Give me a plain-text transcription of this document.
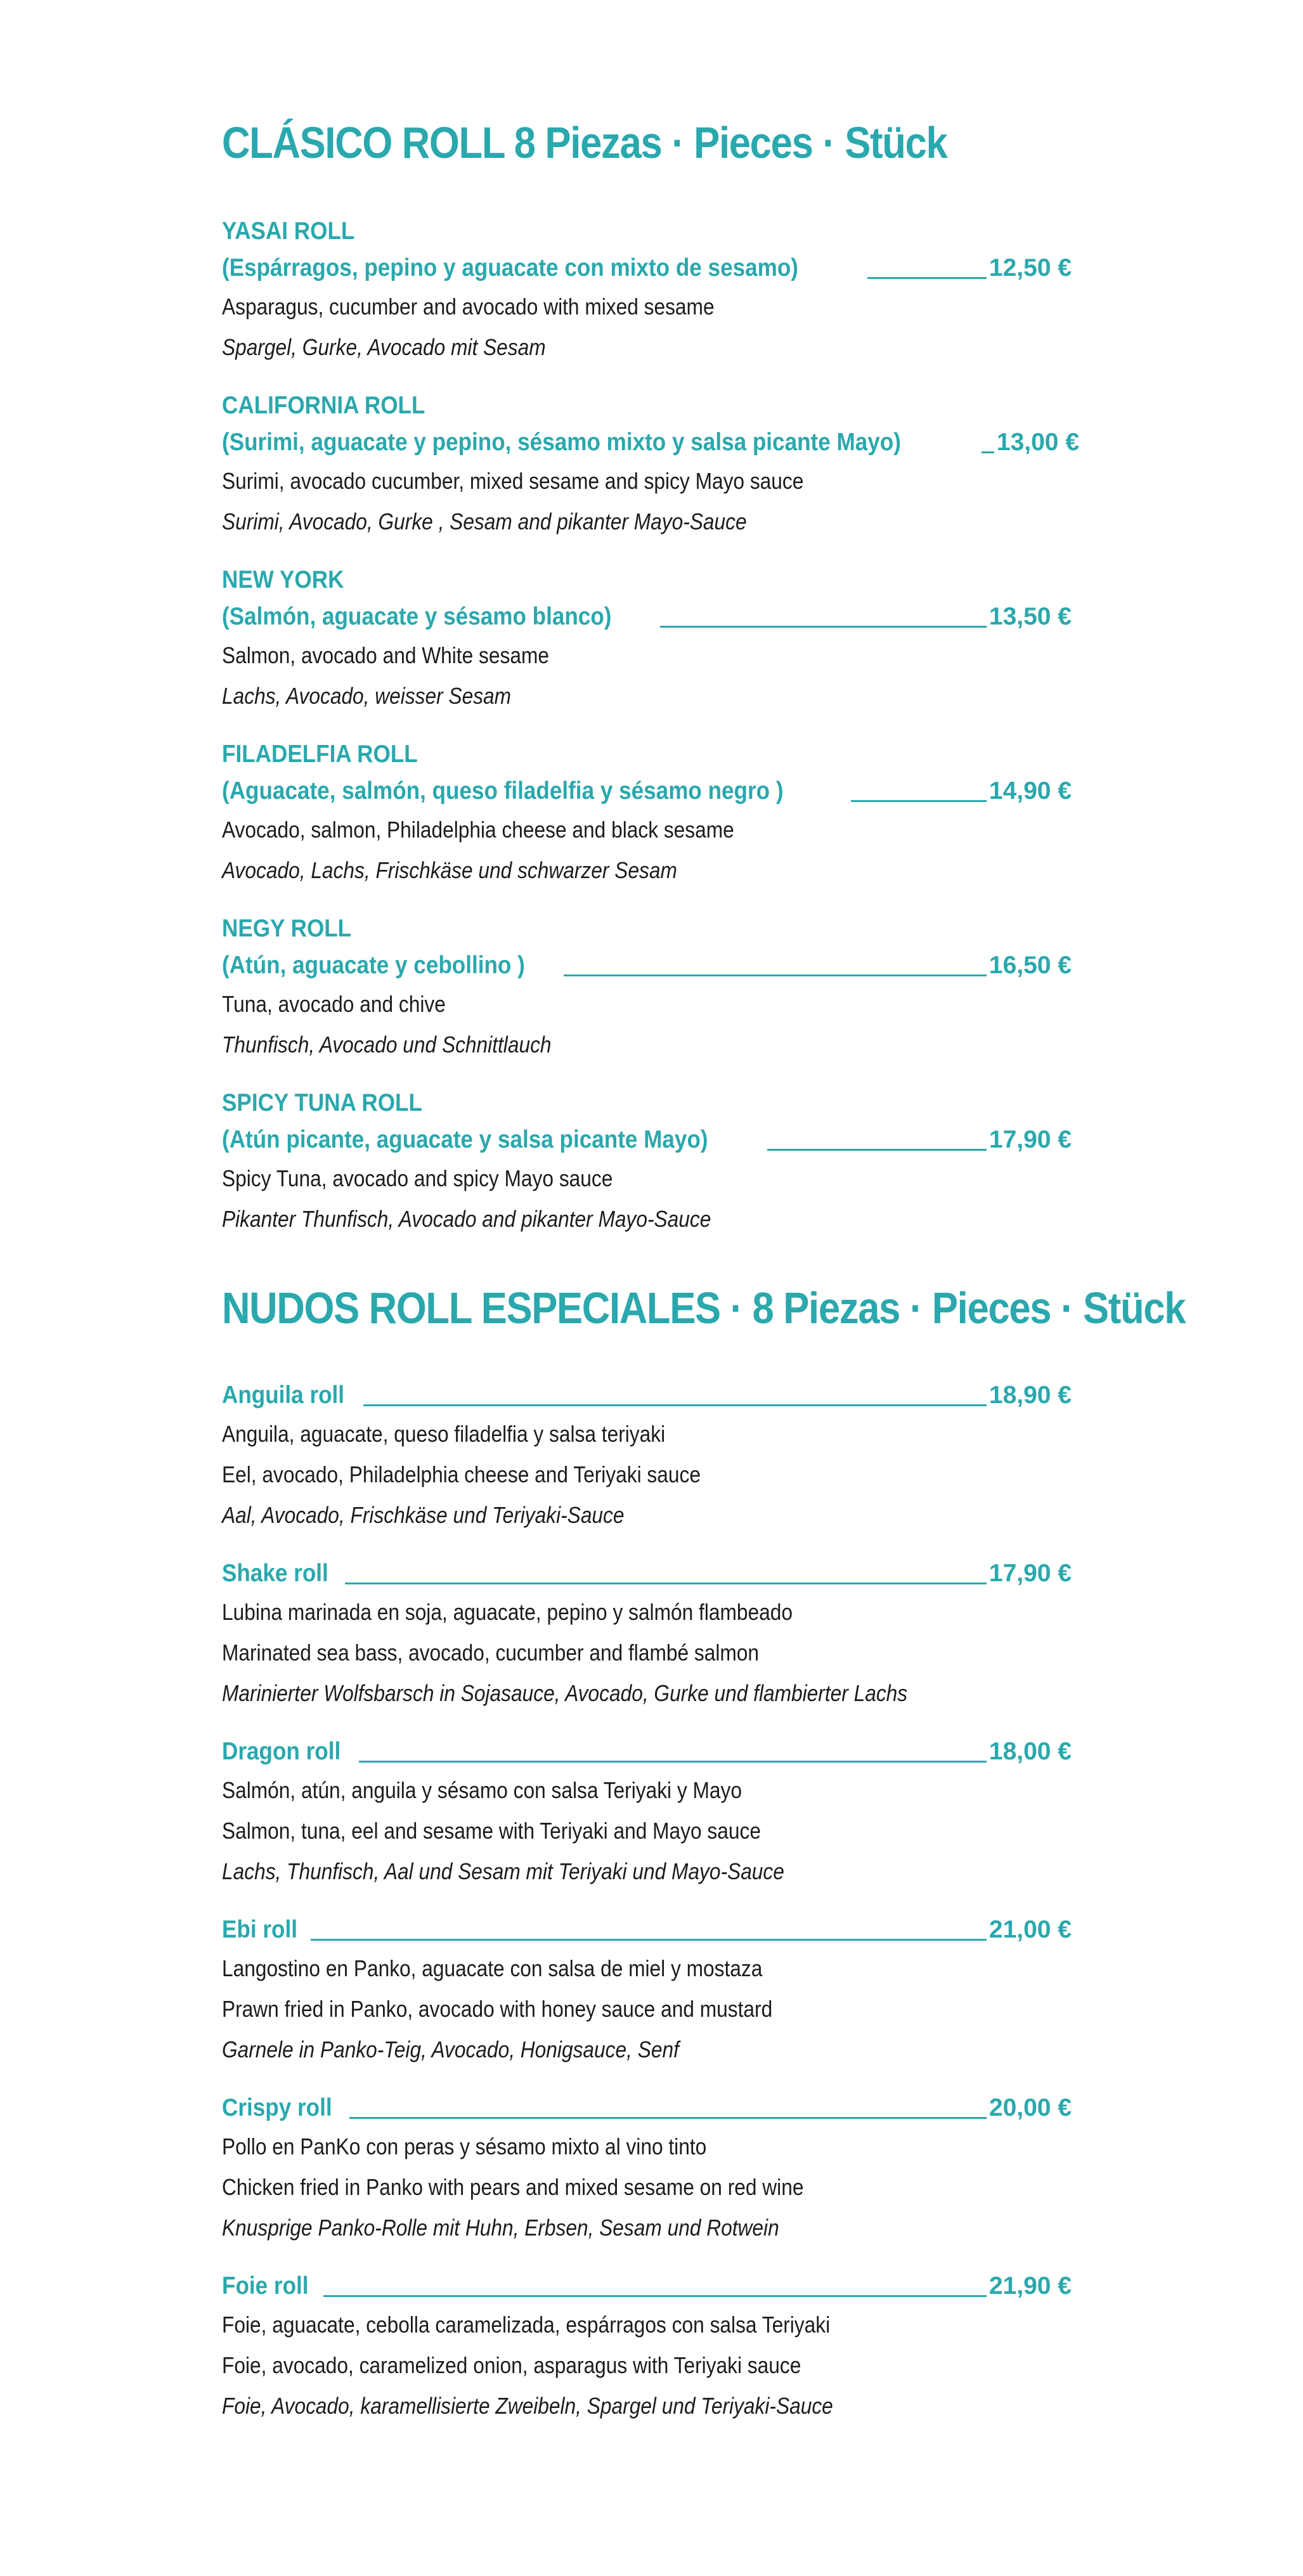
CLÁSICO ROLL 8 Piezas · Pieces · Stück
YASAI ROLL
(Espárragos, pepino y aguacate con mixto de sesamo)	12,50 €
Asparagus, cucumber and avocado with mixed sesame
Spargel, Gurke, Avocado mit Sesam
CALIFORNIA ROLL
(Surimi, aguacate y pepino, sésamo mixto y salsa picante Mayo)	13,00 €
Surimi, avocado cucumber, mixed sesame and spicy Mayo sauce
Surimi, Avocado, Gurke , Sesam and pikanter Mayo-Sauce
NEW YORK
(Salmón, aguacate y sésamo blanco)	13,50 €
Salmon, avocado and White sesame
Lachs, Avocado, weisser Sesam
FILADELFIA ROLL
(Aguacate, salmón, queso filadelfia y sésamo negro )	14,90 €
Avocado, salmon, Philadelphia cheese and black sesame
Avocado, Lachs, Frischkäse und schwarzer Sesam
NEGY ROLL
(Atún, aguacate y cebollino )	16,50 €
Tuna, avocado and chive
Thunfisch, Avocado und Schnittlauch
SPICY TUNA ROLL
(Atún picante, aguacate y salsa picante Mayo)	17,90 €
Spicy Tuna, avocado and spicy Mayo sauce
Pikanter Thunfisch, Avocado and pikanter Mayo-Sauce
NUDOS ROLL ESPECIALES · 8 Piezas · Pieces · Stück
Anguila roll	18,90 €
Anguila, aguacate, queso filadelfia y salsa teriyaki
Eel, avocado, Philadelphia cheese and Teriyaki sauce
Aal, Avocado, Frischkäse und Teriyaki-Sauce
Shake roll	17,90 €
Lubina marinada en soja, aguacate, pepino y salmón flambeado
Marinated sea bass, avocado, cucumber and flambé salmon
Marinierter Wolfsbarsch in Sojasauce, Avocado, Gurke und flambierter Lachs
Dragon roll	18,00 €
Salmón, atún, anguila y sésamo con salsa Teriyaki y Mayo
Salmon, tuna, eel and sesame with Teriyaki and Mayo sauce
Lachs, Thunfisch, Aal und Sesam mit Teriyaki und Mayo-Sauce
Ebi roll	21,00 €
Langostino en Panko, aguacate con salsa de miel y mostaza
Prawn fried in Panko, avocado with honey sauce and mustard
Garnele in Panko-Teig, Avocado, Honigsauce, Senf
Crispy roll	20,00 €
Pollo en PanKo con peras y sésamo mixto al vino tinto
Chicken fried in Panko with pears and mixed sesame on red wine
Knusprige Panko-Rolle mit Huhn, Erbsen, Sesam und Rotwein
Foie roll	21,90 €
Foie, aguacate, cebolla caramelizada, espárragos con salsa Teriyaki
Foie, avocado, caramelized onion, asparagus with Teriyaki sauce
Foie, Avocado, karamellisierte Zweibeln, Spargel und Teriyaki-Sauce
